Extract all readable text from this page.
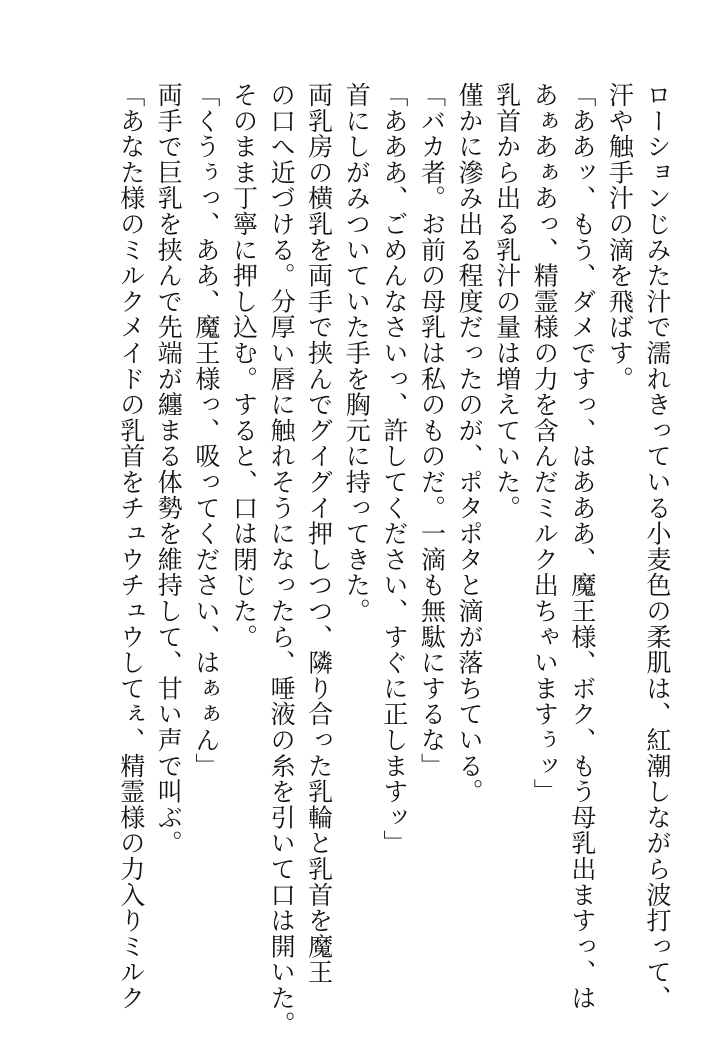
ローションじみた汁で濡れきっている小麦色の柔肌は、紅潮しながら波打って、
汗や触手汁の滴を飛ばす。
「ああッ、もう、ダメですっ、はあああ、魔王様、ボク、もう母乳出ますっ、は
あぁあぁあっ、精霊様の力を含んだミルク出ちゃいますぅッ」
乳首から出る乳汁の量は増えていた。
僅かに滲み出る程度だったのが、ポタポタと滴が落ちている。
「バカ者。お前の母乳は私のものだ。一滴も無駄にするな」
「あああ、ごめんなさいっ、許してください、すぐに正しますッ」
首にしがみついていた手を胸元に持ってきた。
両乳房の横乳を両手で挟んでグイグイ押しつつ、隣り合った乳輪と乳首を魔王
の口へ近づける。分厚い唇に触れそうになったら、唾液の糸を引いて口は開いた。
そのまま丁寧に押し込む。すると、口は閉じた。
「くうぅっ、ああ、魔王様っ、吸ってください、はぁぁん」
両手で巨乳を挟んで先端が纏まる体勢を維持して、甘い声で叫ぶ。
「あなた様のミルクメイドの乳首をチュウチュウしてぇ、精霊様の力入りミルク
